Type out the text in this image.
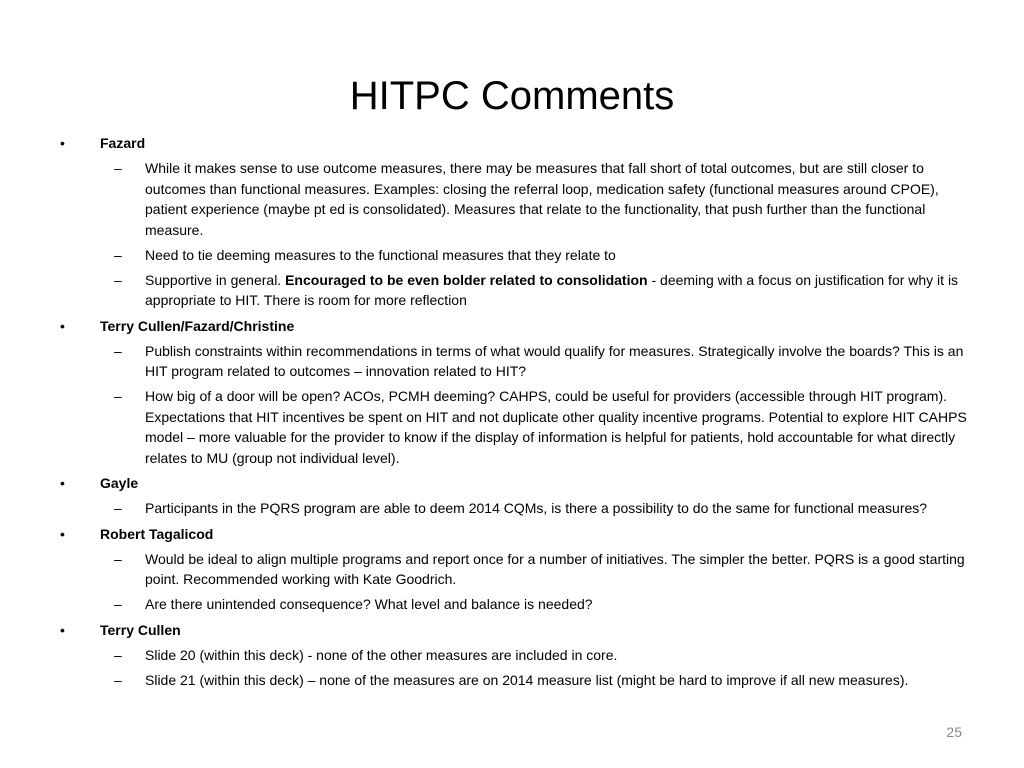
HITPC Comments
•	Fazard
– While it makes sense to use outcome measures, there may be measures that fall short of total outcomes, but are still closer to outcomes than functional measures. Examples: closing the referral loop, medication safety (functional measures around CPOE), patient experience (maybe pt ed is consolidated). Measures that relate to the functionality, that push further than the functional measure.
– Need to tie deeming measures to the functional measures that they relate to
– Supportive in general. Encouraged to be even bolder related to consolidation - deeming with a focus on justification for why it is appropriate to HIT. There is room for more reflection
•	Terry Cullen/Fazard/Christine
– Publish constraints within recommendations in terms of what would qualify for measures. Strategically involve the boards? This is an HIT program related to outcomes – innovation related to HIT?
– How big of a door will be open? ACOs, PCMH deeming? CAHPS, could be useful for providers (accessible through HIT program). Expectations that HIT incentives be spent on HIT and not duplicate other quality incentive programs. Potential to explore HIT CAHPS model – more valuable for the provider to know if the display of information is helpful for patients, hold accountable for what directly relates to MU (group not individual level).
•	Gayle
– Participants in the PQRS program are able to deem 2014 CQMs, is there a possibility to do the same for functional measures?
•	Robert Tagalicod
– Would be ideal to align multiple programs and report once for a number of initiatives. The simpler the better. PQRS is a good starting point. Recommended working with Kate Goodrich.
– Are there unintended consequence? What level and balance is needed?
•	Terry Cullen
– Slide 20 (within this deck) - none of the other measures are included in core.
– Slide 21 (within this deck) – none of the measures are on 2014 measure list (might be hard to improve if all new measures).
25
